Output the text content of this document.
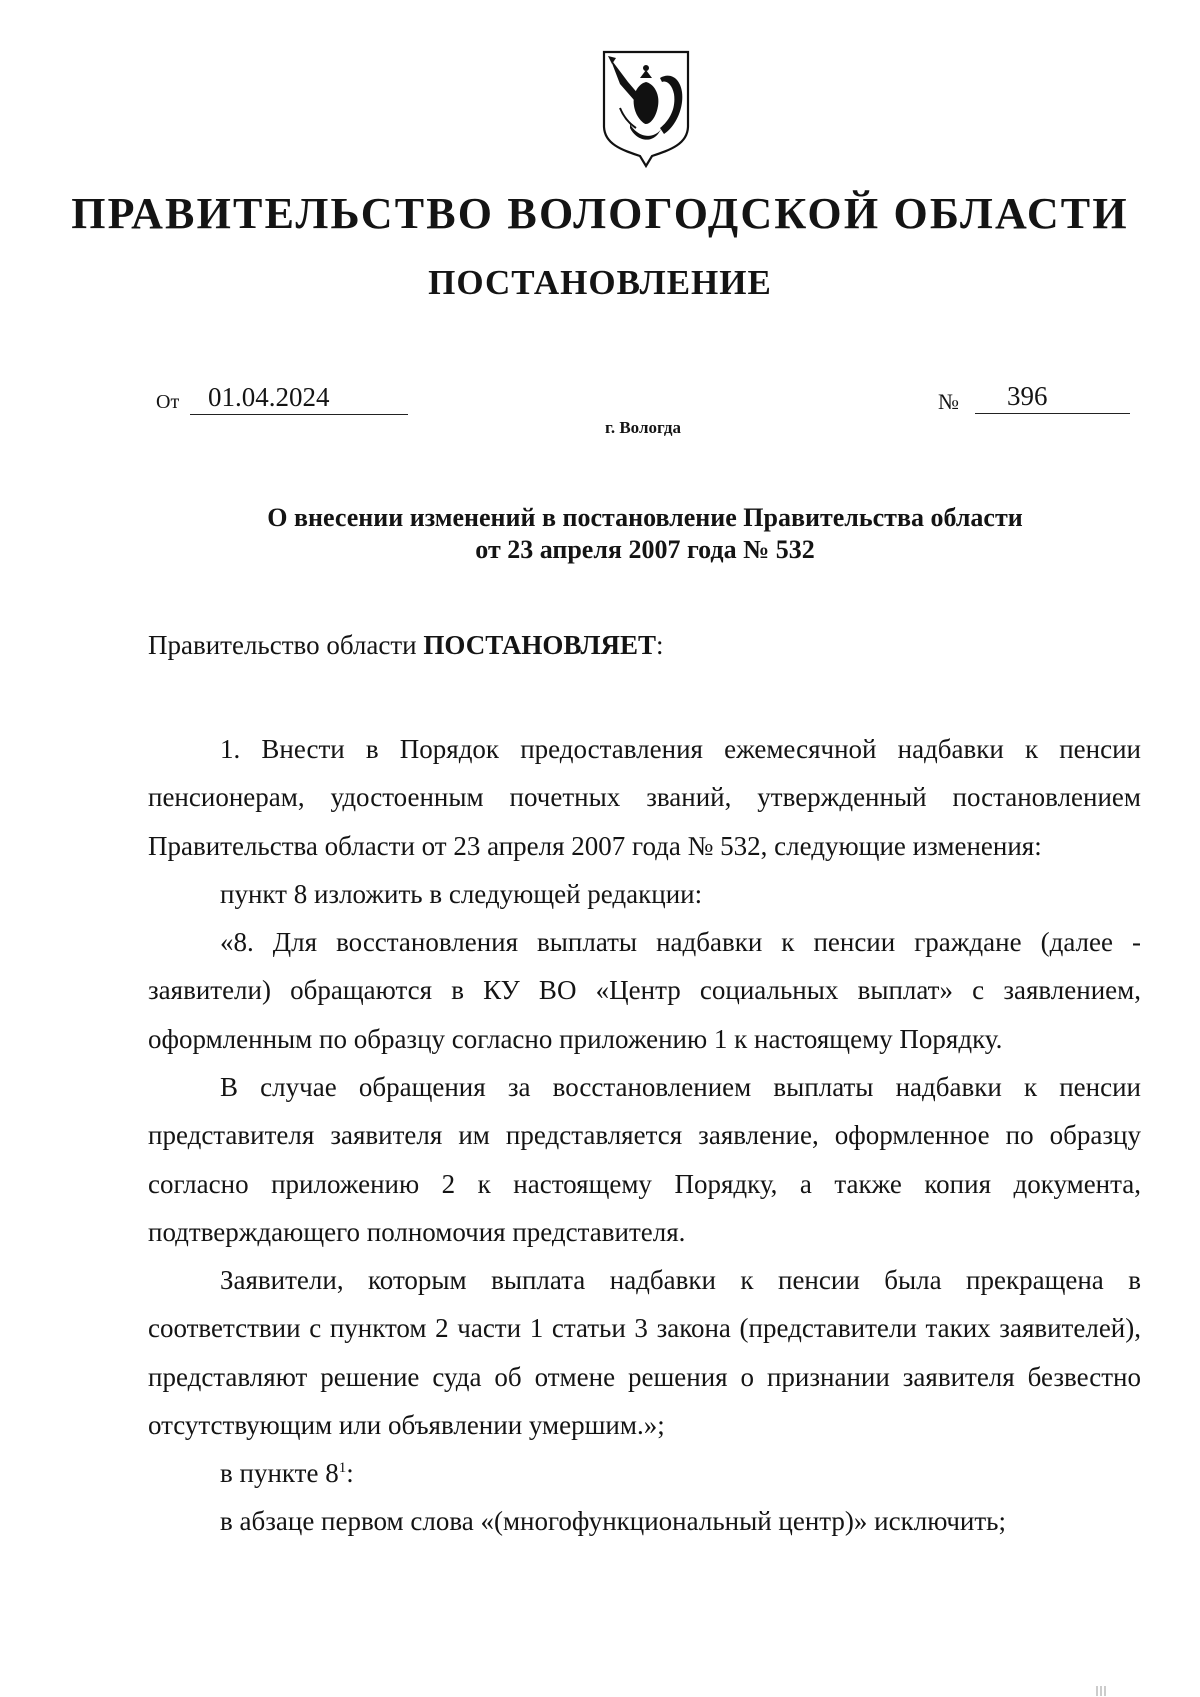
ПРАВИТЕЛЬСТВО ВОЛОГОДСКОЙ ОБЛАСТИ
ПОСТАНОВЛЕНИЕ
От	01.04.2024	№	396
г. Вологда
О внесении изменений в постановление Правительства области
от 23 апреля 2007 года № 532
Правительство области ПОСТАНОВЛЯЕТ:
1. Внести в Порядок предоставления ежемесячной надбавки к пенсии пенсионерам, удостоенным почетных званий, утвержденный постановлением Правительства области от 23 апреля 2007 года № 532, следующие изменения:
пункт 8 изложить в следующей редакции:
«8. Для восстановления выплаты надбавки к пенсии граждане (далее - заявители) обращаются в КУ ВО «Центр социальных выплат» с заявлением, оформленным по образцу согласно приложению 1 к настоящему Порядку.
В случае обращения за восстановлением выплаты надбавки к пенсии представителя заявителя им представляется заявление, оформленное по образцу согласно приложению 2 к настоящему Порядку, а также копия документа, подтверждающего полномочия представителя.
Заявители, которым выплата надбавки к пенсии была прекращена в соответствии с пунктом 2 части 1 статьи 3 закона (представители таких заявителей), представляют решение суда об отмене решения о признании заявителя безвестно отсутствующим или объявлении умершим.»;
в пункте $8^1$:
в абзаце первом слова «(многофункциональный центр)» исключить;
